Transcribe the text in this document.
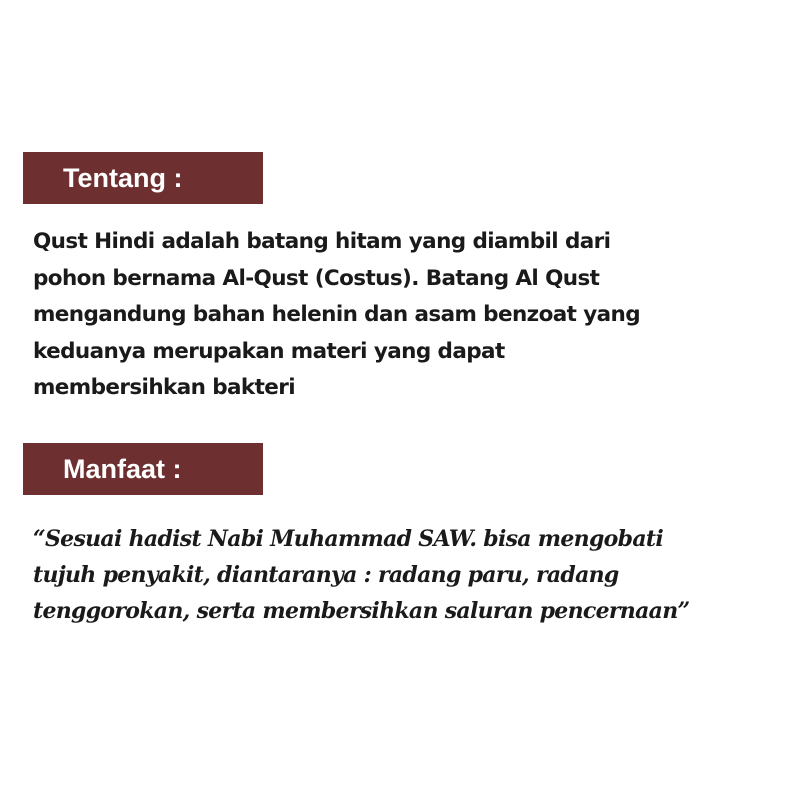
Tentang :

Qust Hindi adalah batang hitam yang diambil dari
pohon bernama Al-Qust (Costus). Batang Al Qust
mengandung bahan helenin dan asam benzoat yang
keduanya merupakan materi yang dapat
membersihkan bakteri

Manfaat :

“Sesuai hadist Nabi Muhammad SAW. bisa mengobati
tujuh penyakit, diantaranya : radang paru, radang
tenggorokan, serta membersihkan saluran pencernaan”
